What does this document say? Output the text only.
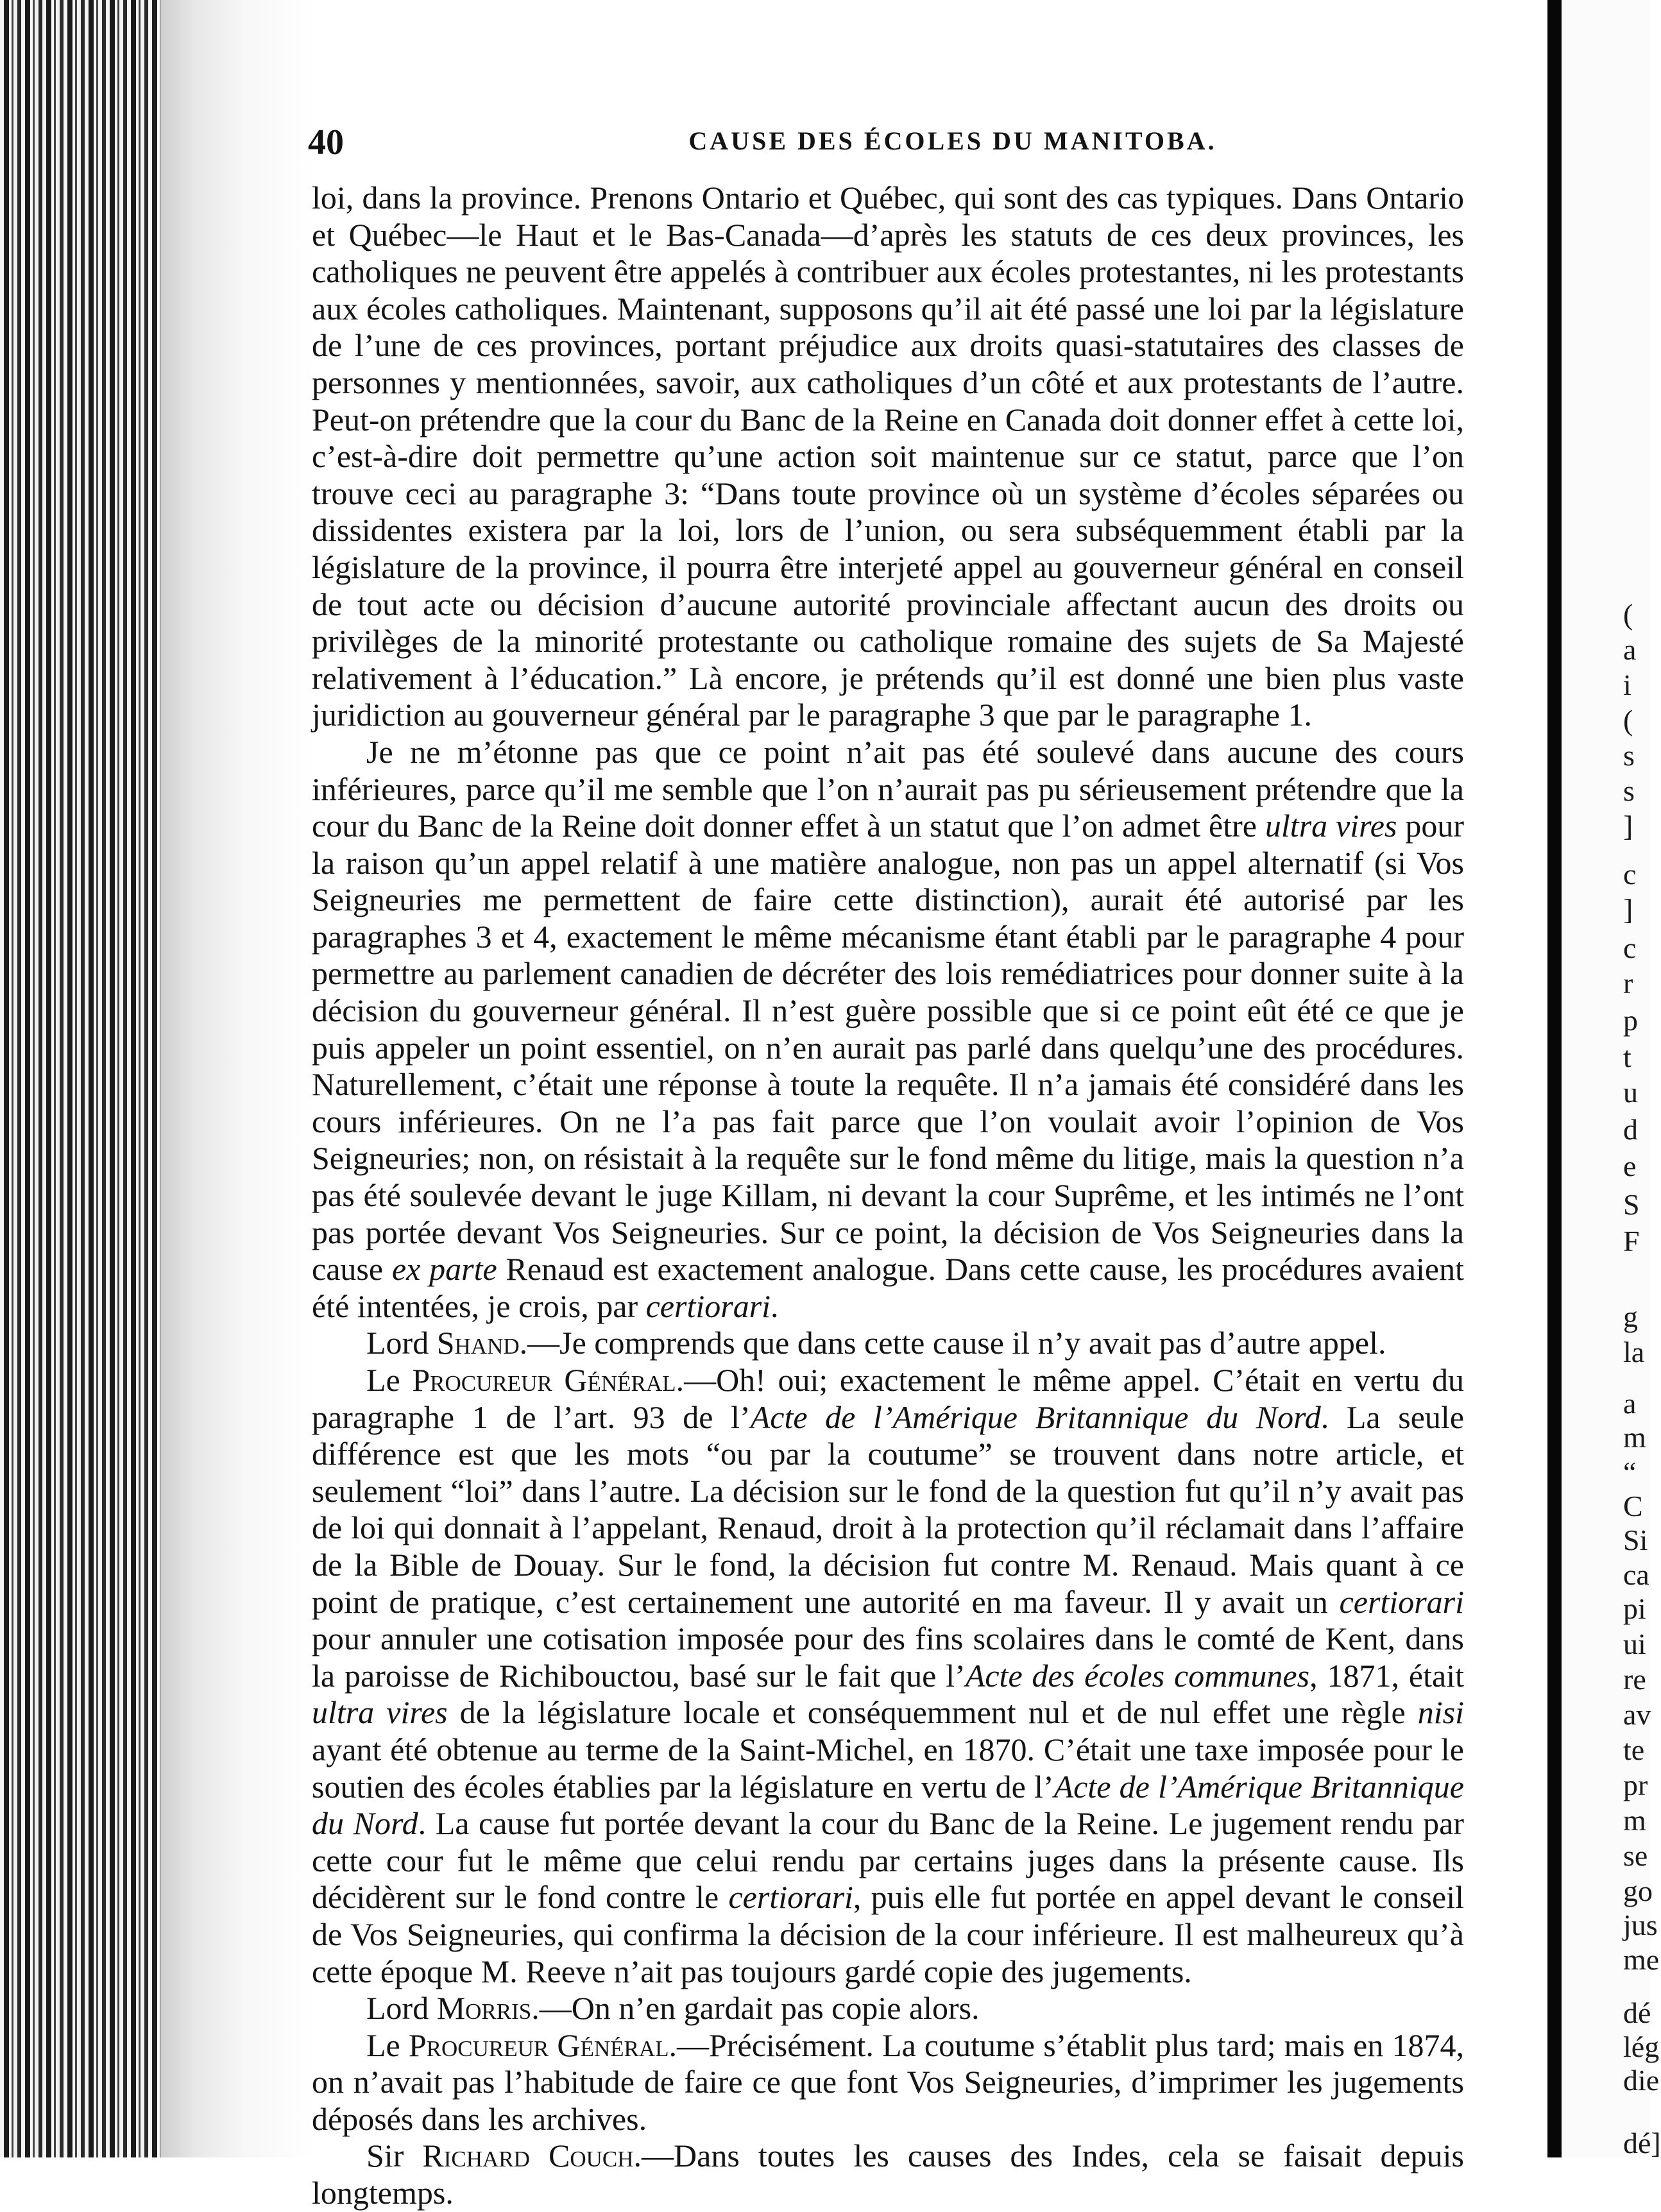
40	CAUSE DES ÉCOLES DU MANITOBA.

loi, dans la province. Prenons Ontario et Québec, qui sont des cas typiques. Dans Ontario et Québec—le Haut et le Bas-Canada—d’après les statuts de ces deux provinces, les catholiques ne peuvent être appelés à contribuer aux écoles protestantes, ni les protestants aux écoles catholiques. Maintenant, supposons qu’il ait été passé une loi par la législature de l’une de ces provinces, portant préjudice aux droits quasi-statutaires des classes de personnes y mentionnées, savoir, aux catholiques d’un côté et aux protestants de l’autre. Peut-on prétendre que la cour du Banc de la Reine en Canada doit donner effet à cette loi, c’est-à-dire doit permettre qu’une action soit maintenue sur ce statut, parce que l’on trouve ceci au paragraphe 3: “Dans toute province où un système d’écoles séparées ou dissidentes existera par la loi, lors de l’union, ou sera subséquemment établi par la législature de la province, il pourra être interjeté appel au gouverneur général en conseil de tout acte ou décision d’aucune autorité provinciale affectant aucun des droits ou privilèges de la minorité protestante ou catholique romaine des sujets de Sa Majesté relativement à l’éducation.” Là encore, je prétends qu’il est donné une bien plus vaste juridiction au gouverneur général par le paragraphe 3 que par le paragraphe 1.

Je ne m’étonne pas que ce point n’ait pas été soulevé dans aucune des cours inférieures, parce qu’il me semble que l’on n’aurait pas pu sérieusement prétendre que la cour du Banc de la Reine doit donner effet à un statut que l’on admet être ultra vires pour la raison qu’un appel relatif à une matière analogue, non pas un appel alternatif (si Vos Seigneuries me permettent de faire cette distinction), aurait été autorisé par les paragraphes 3 et 4, exactement le même mécanisme étant établi par le paragraphe 4 pour permettre au parlement canadien de décréter des lois remédiatrices pour donner suite à la décision du gouverneur général. Il n’est guère possible que si ce point eût été ce que je puis appeler un point essentiel, on n’en aurait pas parlé dans quelqu’une des procédures. Naturellement, c’était une réponse à toute la requête. Il n’a jamais été considéré dans les cours inférieures. On ne l’a pas fait parce que l’on voulait avoir l’opinion de Vos Seigneuries; non, on résistait à la requête sur le fond même du litige, mais la question n’a pas été soulevée devant le juge Killam, ni devant la cour Suprême, et les intimés ne l’ont pas portée devant Vos Seigneuries. Sur ce point, la décision de Vos Seigneuries dans la cause ex parte Renaud est exactement analogue. Dans cette cause, les procédures avaient été intentées, je crois, par certiorari.

Lord Shand.—Je comprends que dans cette cause il n’y avait pas d’autre appel.

Le Procureur Général.—Oh! oui; exactement le même appel. C’était en vertu du paragraphe 1 de l’art. 93 de l’Acte de l’Amérique Britannique du Nord. La seule différence est que les mots “ou par la coutume” se trouvent dans notre article, et seulement “loi” dans l’autre. La décision sur le fond de la question fut qu’il n’y avait pas de loi qui donnait à l’appelant, Renaud, droit à la protection qu’il réclamait dans l’affaire de la Bible de Douay. Sur le fond, la décision fut contre M. Renaud. Mais quant à ce point de pratique, c’est certainement une autorité en ma faveur. Il y avait un certiorari pour annuler une cotisation imposée pour des fins scolaires dans le comté de Kent, dans la paroisse de Richibouctou, basé sur le fait que l’Acte des écoles communes, 1871, était ultra vires de la législature locale et conséquemment nul et de nul effet une règle nisi ayant été obtenue au terme de la Saint-Michel, en 1870. C’était une taxe imposée pour le soutien des écoles établies par la législature en vertu de l’Acte de l’Amérique Britannique du Nord. La cause fut portée devant la cour du Banc de la Reine. Le jugement rendu par cette cour fut le même que celui rendu par certains juges dans la présente cause. Ils décidèrent sur le fond contre le certiorari, puis elle fut portée en appel devant le conseil de Vos Seigneuries, qui confirma la décision de la cour inférieure. Il est malheureux qu’à cette époque M. Reeve n’ait pas toujours gardé copie des jugements.

Lord Morris.—On n’en gardait pas copie alors.

Le Procureur Général.—Précisément. La coutume s’établit plus tard; mais en 1874, on n’avait pas l’habitude de faire ce que font Vos Seigneuries, d’imprimer les jugements déposés dans les archives.

Sir Richard Couch.—Dans toutes les causes des Indes, cela se faisait depuis longtemps.

(

a

i

(

s

s

]

c

]

c

r

p

t

u

d

e

S

F

g

la

a

m

“

C

Si

ca

pi

ui

re

av

te

pr

m

se

go

jus

me

dé

lég

die

dé]
